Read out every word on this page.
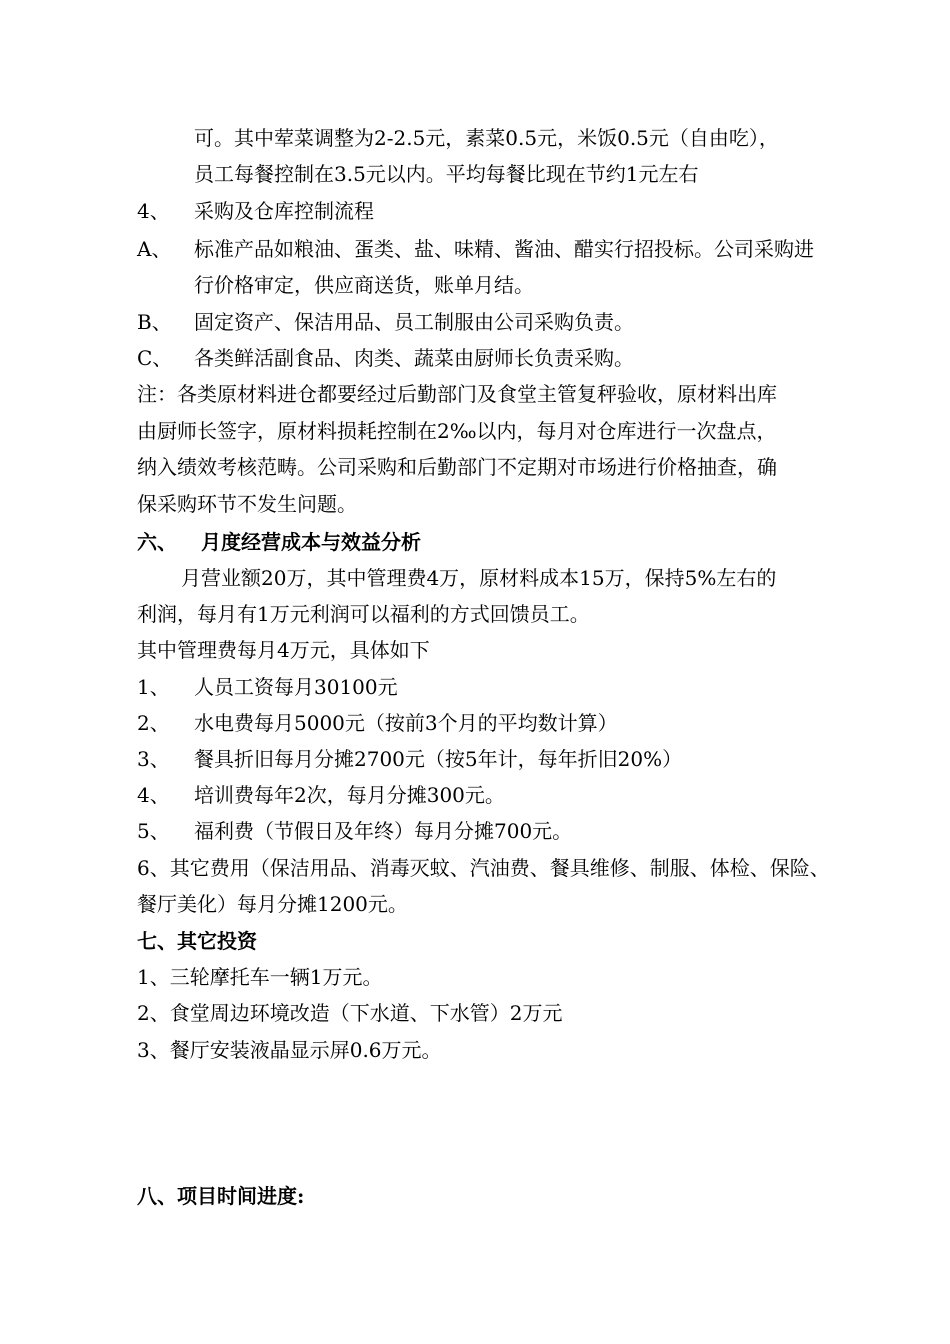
可。其中荤菜调整为2-2.5元，素菜0.5元，米饭0.5元（自由吃），
员工每餐控制在3.5元以内。平均每餐比现在节约1元左右
4、 采购及仓库控制流程
A、 标准产品如粮油、蛋类、盐、味精、酱油、醋实行招投标。公司采购进
行价格审定，供应商送货，账单月结。
B、 固定资产、保洁用品、员工制服由公司采购负责。
C、 各类鲜活副食品、肉类、蔬菜由厨师长负责采购。
注：各类原材料进仓都要经过后勤部门及食堂主管复秤验收，原材料出库
由厨师长签字，原材料损耗控制在2‰以内，每月对仓库进行一次盘点，
纳入绩效考核范畴。公司采购和后勤部门不定期对市场进行价格抽查，确
保采购环节不发生问题。
六、 月度经营成本与效益分析
月营业额20万，其中管理费4万，原材料成本15万，保持5%左右的
利润，每月有1万元利润可以福利的方式回馈员工。
其中管理费每月4万元，具体如下
1、 人员工资每月30100元
2、 水电费每月5000元（按前3个月的平均数计算）
3、 餐具折旧每月分摊2700元（按5年计，每年折旧20%）
4、 培训费每年2次，每月分摊300元。
5、 福利费（节假日及年终）每月分摊700元。
6、其它费用（保洁用品、消毒灭蚊、汽油费、餐具维修、制服、体检、保险、
餐厅美化）每月分摊1200元。
七、其它投资
1、三轮摩托车一辆1万元。
2、食堂周边环境改造（下水道、下水管）2万元
3、餐厅安装液晶显示屏0.6万元。
八、项目时间进度:
